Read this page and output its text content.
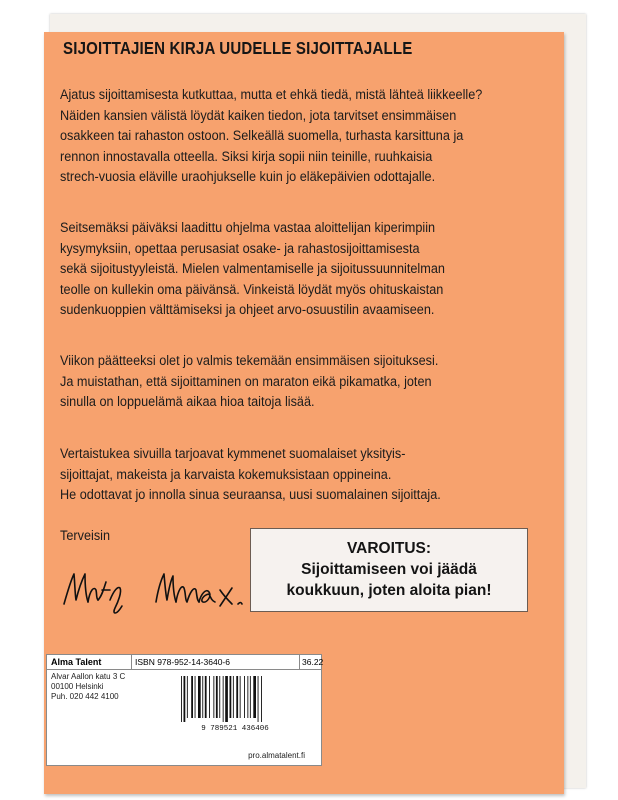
SIJOITTAJIEN KIRJA UUDELLE SIJOITTAJALLE
Ajatus sijoittamisesta kutkuttaa, mutta et ehkä tiedä, mistä lähteä liikkeelle?
Näiden kansien välistä löydät kaiken tiedon, jota tarvitset ensimmäisen
osakkeen tai rahaston ostoon. Selkeällä suomella, turhasta karsittuna ja
rennon innostavalla otteella. Siksi kirja sopii niin teinille, ruuhkaisia
strech-vuosia eläville uraohjukselle kuin jo eläkepäivien odottajalle.
Seitsemäksi päiväksi laadittu ohjelma vastaa aloittelijan kiperimpiin
kysymyksiin, opettaa perusasiat osake- ja rahastosijoittamisesta
sekä sijoitustyyleistä. Mielen valmentamiselle ja sijoitussuunnitelman
teolle on kullekin oma päivänsä. Vinkeistä löydät myös ohituskaistan
sudenkuoppien välttämiseksi ja ohjeet arvo-osuustilin avaamiseen.
Viikon päätteeksi olet jo valmis tekemään ensimmäisen sijoituksesi.
Ja muistathan, että sijoittaminen on maraton eikä pikamatka, joten
sinulla on loppuelämä aikaa hioa taitoja lisää.
Vertaistukea sivuilla tarjoavat kymmenet suomalaiset yksityis-
sijoittajat, makeista ja karvaista kokemuksistaan oppineina.
He odottavat jo innolla sinua seuraansa, uusi suomalainen sijoittaja.

Terveisin

VAROITUS:
Sijoittamiseen voi jäädä
koukkuun, joten aloita pian!
Alma Talent	ISBN 978-952-14-3640-6	36.22
Alvar Aallon katu 3 C
00100 Helsinki
Puh. 020 442 4100
9 789521 436406
pro.almatalent.fi
